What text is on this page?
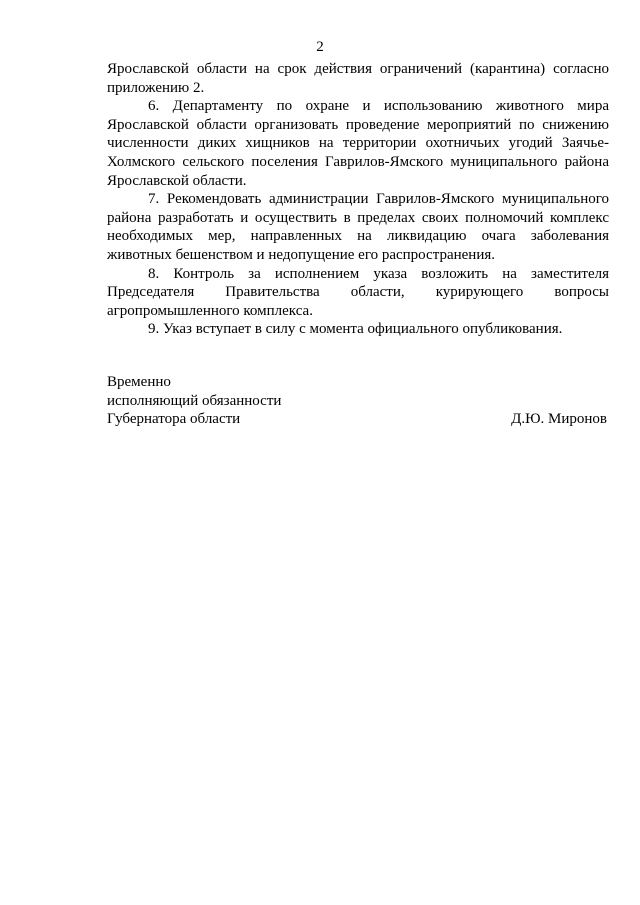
2

Ярославской области на срок действия ограничений (карантина) согласно приложению 2.

6. Департаменту по охране и использованию животного мира Ярославской области организовать проведение мероприятий по снижению численности диких хищников на территории охотничьих угодий Заячье-Холмского сельского поселения Гаврилов-Ямского муниципального района Ярославской области.

7. Рекомендовать администрации Гаврилов-Ямского муниципального района разработать и осуществить в пределах своих полномочий комплекс необходимых мер, направленных на ликвидацию очага заболевания животных бешенством и недопущение его распространения.

8. Контроль за исполнением указа возложить на заместителя Председателя Правительства области, курирующего вопросы агропромышленного комплекса.

9. Указ вступает в силу с момента официального опубликования.

Временно

исполняющий обязанности

Губернатора области	Д.Ю. Миронов
